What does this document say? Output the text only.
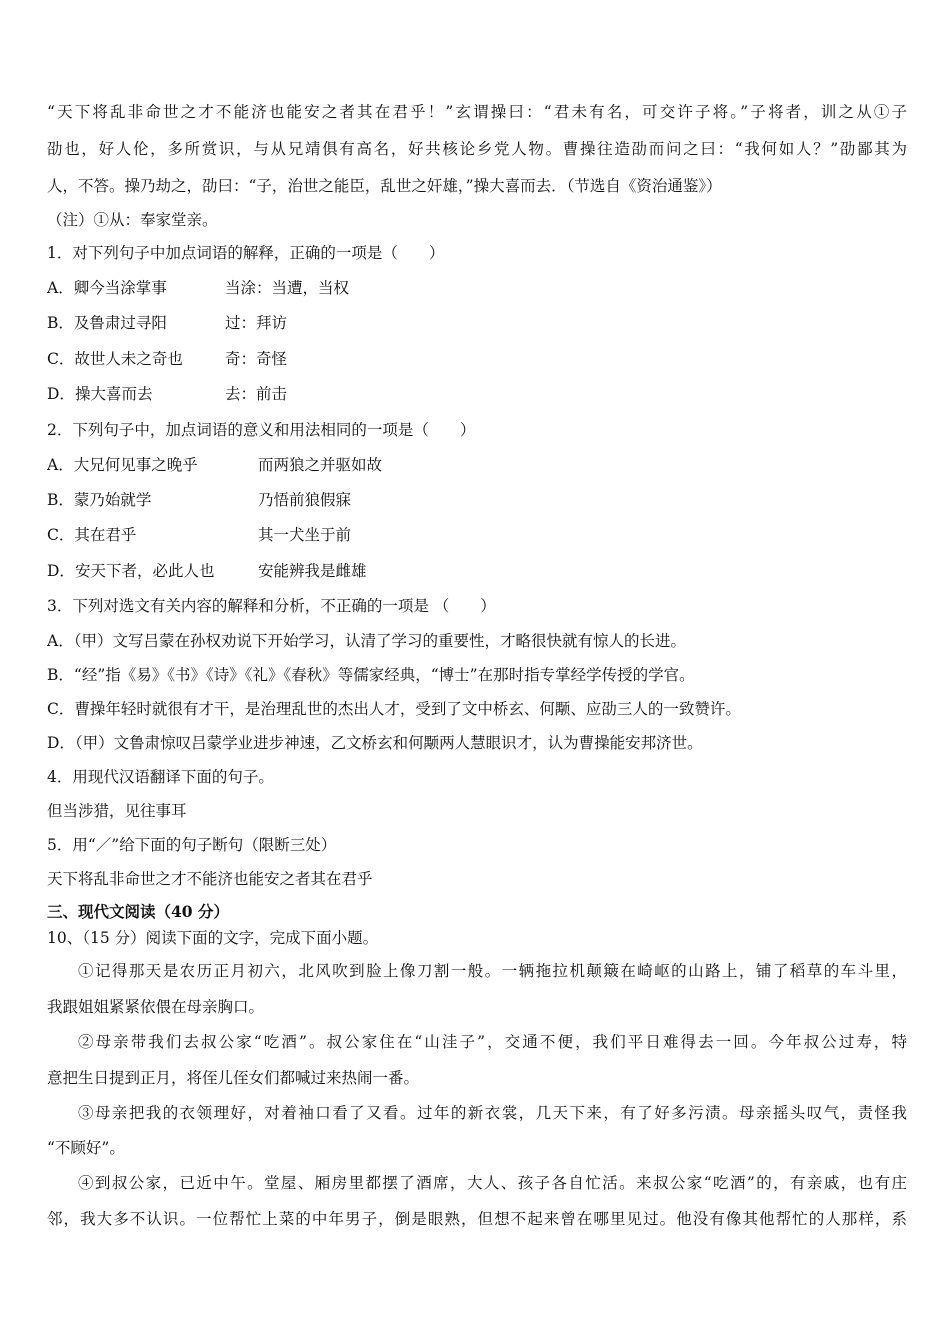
“天下将乱非命世之才不能济也能安之者其在君乎！”玄谓操曰：“君未有名，可交许子将。”子将者，训之从①子
劭也，好人伦，多所赏识，与从兄靖俱有高名，好共核论乡党人物。曹操往造劭而问之曰：“我何如人？”劭鄙其为
人，不答。操乃劫之，劭曰：“子，治世之能臣，乱世之奸雄，”操大喜而去．（节选自《资治通鉴》）
（注）①从：奉家堂亲。
1．对下列句子中加点词语的解释，正确的一项是（　　）
A．卿今当涂掌事	当涂：当遭，当权
B．及鲁肃过寻阳	过：拜访
C．故世人未之奇也	奇：奇怪
D．操大喜而去	去：前击
2．下列句子中，加点词语的意义和用法相同的一项是（　　）
A．大兄何见事之晚乎	而两狼之并驱如故
B．蒙乃始就学	乃悟前狼假寐
C．其在君乎	其一犬坐于前
D．安天下者，必此人也	安能辨我是雌雄
3．下列对选文有关内容的解释和分析，不正确的一项是 （　　）
A．（甲）文写吕蒙在孙权劝说下开始学习，认清了学习的重要性，才略很快就有惊人的长进。
B．“经”指《易》《书》《诗》《礼》《春秋》等儒家经典，“博士”在那时指专掌经学传授的学官。
C．曹操年轻时就很有才干，是治理乱世的杰出人才，受到了文中桥玄、何颙、应劭三人的一致赞许。
D．（甲）文鲁肃惊叹吕蒙学业进步神速，乙文桥玄和何颙两人慧眼识才，认为曹操能安邦济世。
4．用现代汉语翻译下面的句子。
但当涉猎，见往事耳
5．用“／”给下面的句子断句（限断三处）
天下将乱非命世之才不能济也能安之者其在君乎
三、现代文阅读（40 分）
10、（15 分）阅读下面的文字，完成下面小题。
①记得那天是农历正月初六，北风吹到脸上像刀割一般。一辆拖拉机颠簸在崎岖的山路上，铺了稻草的车斗里，
我跟姐姐紧紧依偎在母亲胸口。
②母亲带我们去叔公家“吃酒”。叔公家住在“山洼子”，交通不便，我们平日难得去一回。今年叔公过寿，特
意把生日提到正月，将侄儿侄女们都喊过来热闹一番。
③母亲把我的衣领理好，对着袖口看了又看。过年的新衣裳，几天下来，有了好多污渍。母亲摇头叹气，责怪我
“不顾好”。
④到叔公家，已近中午。堂屋、厢房里都摆了酒席，大人、孩子各自忙活。来叔公家“吃酒”的，有亲戚，也有庄
邻，我大多不认识。一位帮忙上菜的中年男子，倒是眼熟，但想不起来曾在哪里见过。他没有像其他帮忙的人那样，系
